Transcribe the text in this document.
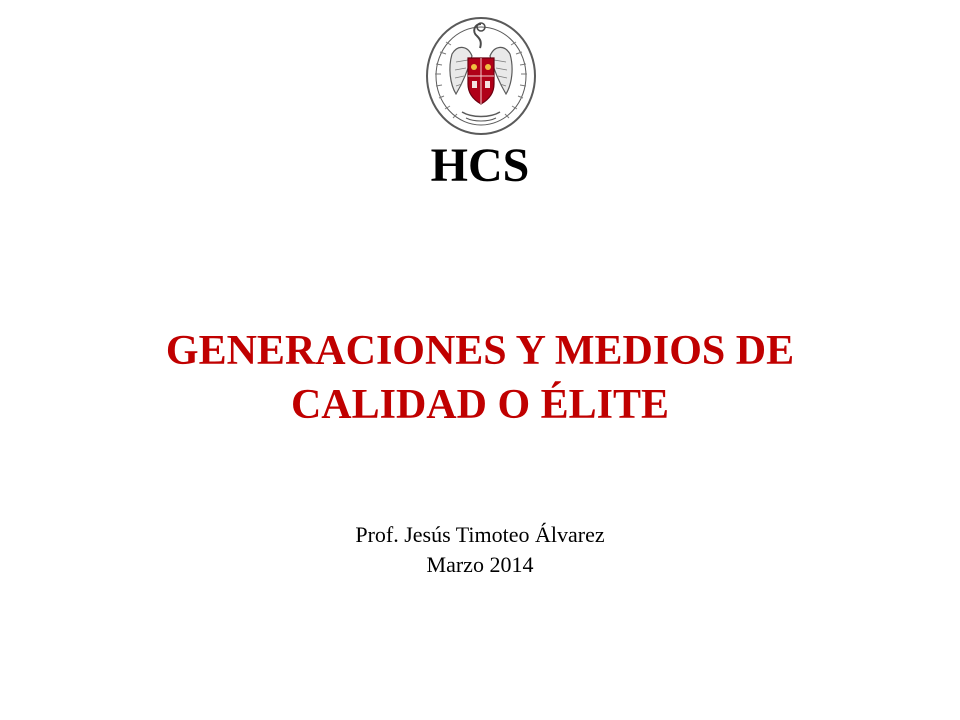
HCS
GENERACIONES Y MEDIOS DE
CALIDAD O ÉLITE
Prof. Jesús Timoteo Álvarez
Marzo 2014
